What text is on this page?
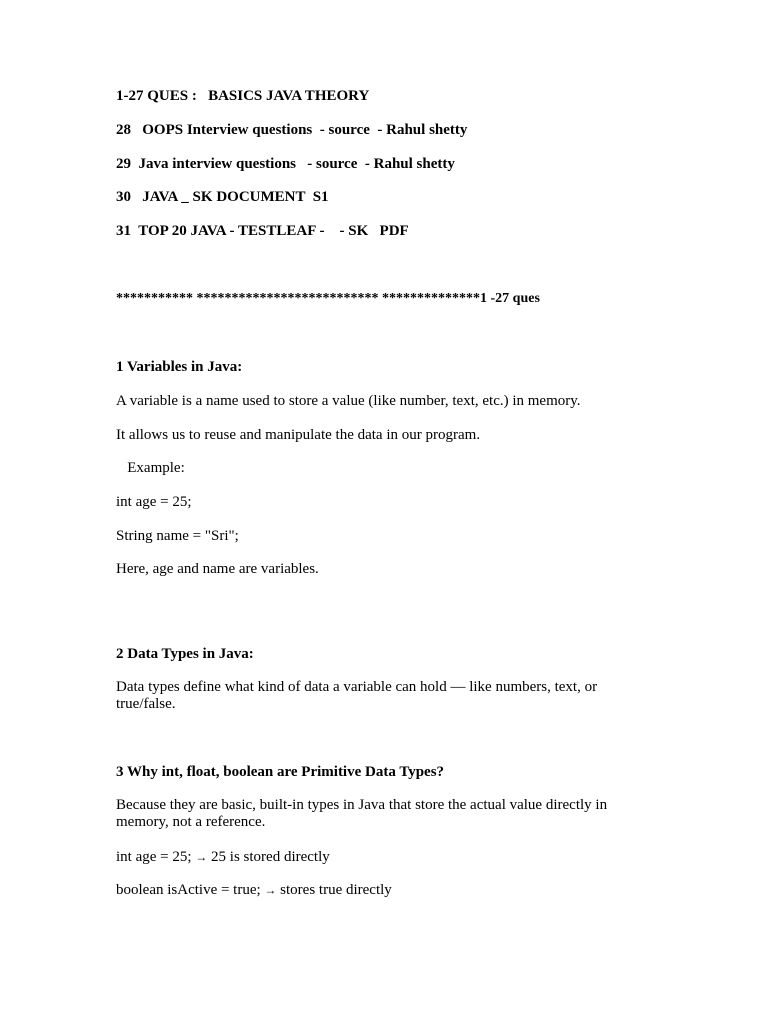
1-27 QUES :   BASICS JAVA THEORY
28   OOPS Interview questions  - source  - Rahul shetty
29  Java interview questions   - source  - Rahul shetty
30   JAVA _ SK DOCUMENT  S1
31  TOP 20 JAVA - TESTLEAF -    - SK   PDF
*********** ************************** **************1 -27 ques
1 Variables in Java:
A variable is a name used to store a value (like number, text, etc.) in memory.
It allows us to reuse and manipulate the data in our program.
Example:
int age = 25;
String name = "Sri";
Here, age and name are variables.
2 Data Types in Java:
Data types define what kind of data a variable can hold — like numbers, text, or true/false.
3 Why int, float, boolean are Primitive Data Types?
Because they are basic, built-in types in Java that store the actual value directly in memory, not a reference.
int age = 25; → 25 is stored directly
boolean isActive = true; → stores true directly
